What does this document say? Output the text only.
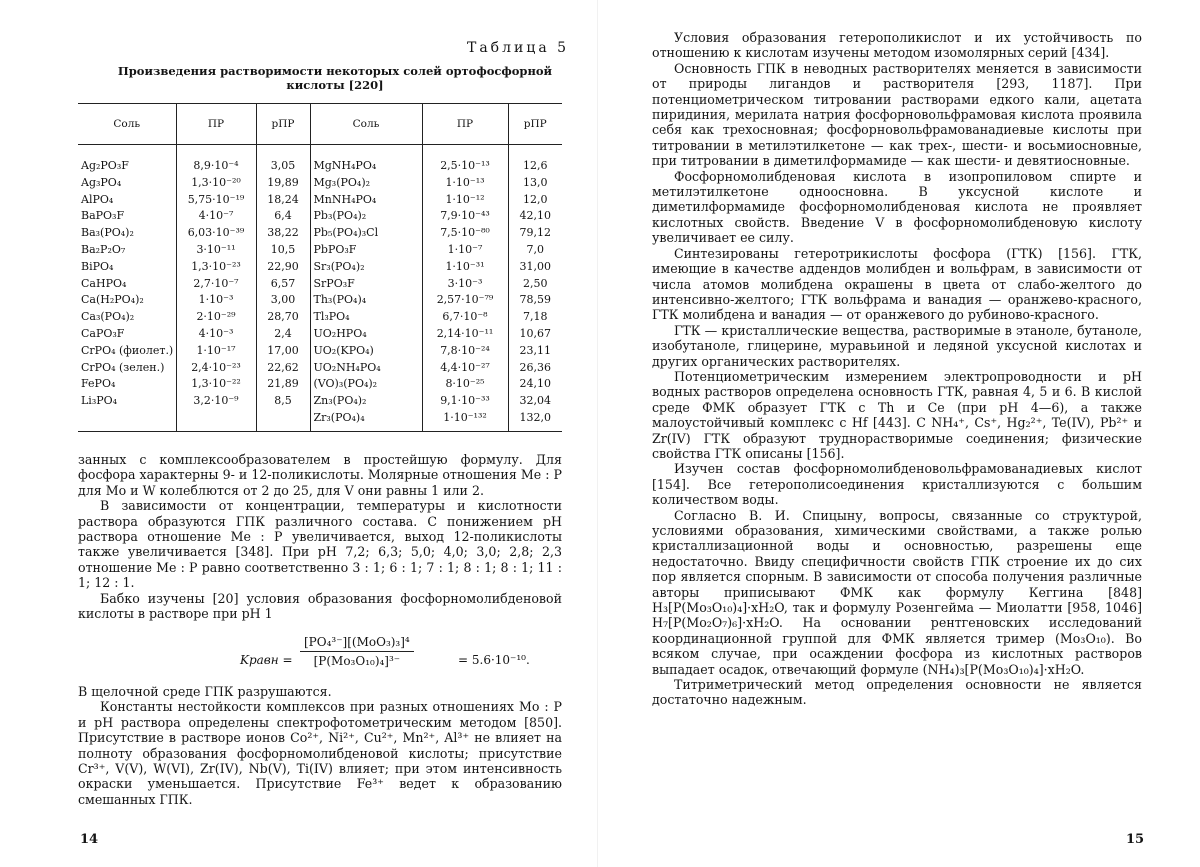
Таблица 5
Произведения растворимости некоторых солей ортофосфорной кислоты [220]
Соль	ПР	pПР	Соль	ПР	pПР

Ag₂PO₃F	8,9·10⁻⁴	3,05	MgNH₄PO₄	2,5·10⁻¹³	12,6
Ag₃PO₄	1,3·10⁻²⁰	19,89	Mg₃(PO₄)₂	1·10⁻¹³	13,0
AlPO₄	5,75·10⁻¹⁹	18,24	MnNH₄PO₄	1·10⁻¹²	12,0
BaPO₃F	4·10⁻⁷	6,4	Pb₃(PO₄)₂	7,9·10⁻⁴³	42,10
Ba₃(PO₄)₂	6,03·10⁻³⁹	38,22	Pb₅(PO₄)₃Cl	7,5·10⁻⁸⁰	79,12
Ba₂P₂O₇	3·10⁻¹¹	10,5	PbPO₃F	1·10⁻⁷	7,0
BiPO₄	1,3·10⁻²³	22,90	Sr₃(PO₄)₂	1·10⁻³¹	31,00
CaHPO₄	2,7·10⁻⁷	6,57	SrPO₃F	3·10⁻³	2,50
Ca(H₂PO₄)₂	1·10⁻³	3,00	Th₃(PO₄)₄	2,57·10⁻⁷⁹	78,59
Ca₃(PO₄)₂	2·10⁻²⁹	28,70	Tl₃PO₄	6,7·10⁻⁸	7,18
CaPO₃F	4·10⁻³	2,4	UO₂HPO₄	2,14·10⁻¹¹	10,67
CrPO₄ (фиолет.)	1·10⁻¹⁷	17,00	UO₂(KPO₄)	7,8·10⁻²⁴	23,11
CrPO₄ (зелен.)	2,4·10⁻²³	22,62	UO₂NH₄PO₄	4,4·10⁻²⁷	26,36
FePO₄	1,3·10⁻²²	21,89	(VO)₃(PO₄)₂	8·10⁻²⁵	24,10
Li₃PO₄	3,2·10⁻⁹	8,5	Zn₃(PO₄)₂	9,1·10⁻³³	32,04
			Zr₃(PO₄)₄	1·10⁻¹³²	132,0

занных с комплексообразователем в простейшую формулу. Для фосфора характерны 9- и 12-поликислоты. Молярные отношения Me : P для Mo и W колеблются от 2 до 25, для V они равны 1 или 2.

В зависимости от концентрации, температуры и кислотности раствора образуются ГПК различного состава. С понижением pH раствора отношение Me : P увеличивается, выход 12-поликислоты также увеличивается [348]. При pH 7,2; 6,3; 5,0; 4,0; 3,0; 2,8; 2,3 отношение Me : P равно соответственно 3 : 1; 6 : 1; 7 : 1; 8 : 1; 8 : 1; 11 : 1; 12 : 1.

Бабко изучены [20] условия образования фосфорномолибденовой кислоты в растворе при pH 1

Kравн =
[PO₄³⁻][(MoO₃)₃]⁴
[P(Mo₃O₁₀)₄]³⁻	= 5.6·10⁻¹⁰.

В щелочной среде ГПК разрушаются.

Константы нестойкости комплексов при разных отношениях Mo : P и pH раствора определены спектрофотометрическим методом [850]. Присутствие в растворе ионов Co²⁺, Ni²⁺, Cu²⁺, Mn²⁺, Al³⁺ не влияет на полноту образования фосфорномолибденовой кислоты; присутствие Cr³⁺, V(V), W(VI), Zr(IV), Nb(V), Ti(IV) влияет; при этом интенсивность окраски уменьшается. Присутствие Fe³⁺ ведет к образованию смешанных ГПК.

14

Условия образования гетерополикислот и их устойчивость по отношению к кислотам изучены методом изомолярных серий [434].

Основность ГПК в неводных растворителях меняется в зависимости от природы лигандов и растворителя [293, 1187]. При потенциометрическом титровании растворами едкого кали, ацетата пиридиния, мерилата натрия фосфорновольфрамовая кислота проявила себя как трехосновная; фосфорновольфрамованадиевые кислоты при титровании в метилэтилкетоне — как трех-, шести- и восьмиосновные, при титровании в диметилформамиде — как шести- и девятиосновные.

Фосфорномолибденовая кислота в изопропиловом спирте и метилэтилкетоне одноосновна. В уксусной кислоте и диметилформамиде фосфорномолибденовая кислота не проявляет кислотных свойств. Введение V в фосфорномолибденовую кислоту увеличивает ее силу.

Синтезированы гетеротрикислоты фосфора (ГТК) [156]. ГТК, имеющие в качестве аддендов молибден и вольфрам, в зависимости от числа атомов молибдена окрашены в цвета от слабо-желтого до интенсивно-желтого; ГТК вольфрама и ванадия — оранжево-красного, ГТК молибдена и ванадия — от оранжевого до рубиново-красного.

ГТК — кристаллические вещества, растворимые в этаноле, бутаноле, изобутаноле, глицерине, муравьиной и ледяной уксусной кислотах и других органических растворителях.

Потенциометрическим измерением электропроводности и pH водных растворов определена основность ГТК, равная 4, 5 и 6. В кислой среде ФМК образует ГТК с Th и Ce (при pH 4—6), а также малоустойчивый комплекс с Hf [443]. С NH₄⁺, Cs⁺, Hg₂²⁺, Te(IV), Pb²⁺ и Zr(IV) ГТК образуют труднорастворимые соединения; физические свойства ГТК описаны [156].

Изучен состав фосфорномолибденовольфрамованадиевых кислот [154]. Все гетерополисоединения кристаллизуются с большим количеством воды.

Согласно В. И. Спицыну, вопросы, связанные со структурой, условиями образования, химическими свойствами, а также ролью кристаллизационной воды и основностью, разрешены еще недостаточно. Ввиду специфичности свойств ГПК строение их до сих пор является спорным. В зависимости от способа получения различные авторы приписывают ФМК как формулу Кеггина [848] H₃[P(Mo₃O₁₀)₄]·xH₂O, так и формулу Розенгейма — Миолатти [958, 1046] H₇[P(Mo₂O₇)₆]·xH₂O. На основании рентгеновских исследований координационной группой для ФМК является тример (Mo₃O₁₀). Во всяком случае, при осаждении фосфора из кислотных растворов выпадает осадок, отвечающий формуле (NH₄)₃[P(Mo₃O₁₀)₄]·xH₂O.

Титриметрический метод определения основности не является достаточно надежным.

15
